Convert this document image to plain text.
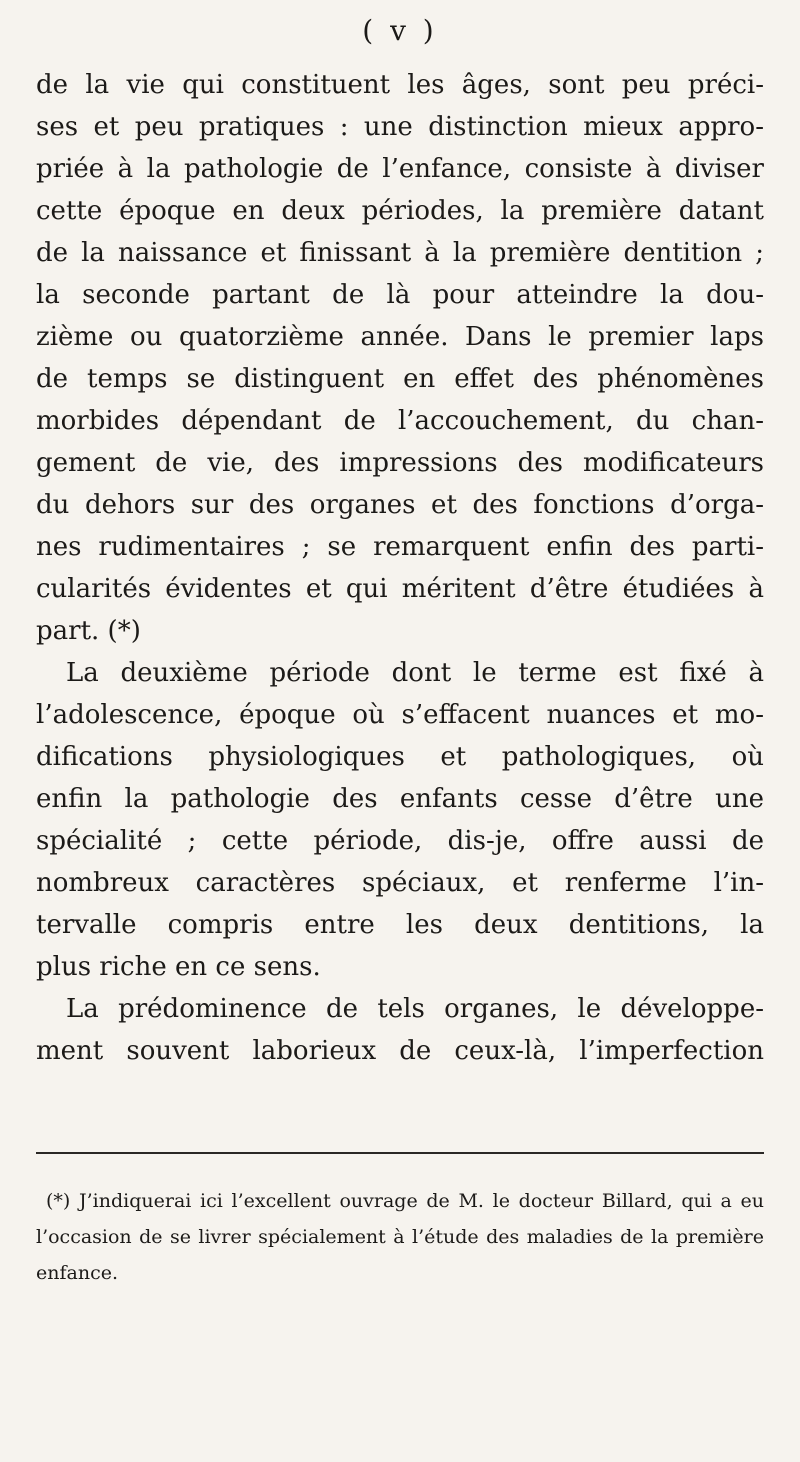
( v )
de la vie qui constituent les âges, sont peu préci-
ses et peu pratiques : une distinction mieux appro-
priée à la pathologie de l’enfance, consiste à diviser
cette époque en deux périodes, la première datant
de la naissance et finissant à la première dentition ;
la seconde partant de là pour atteindre la dou-
zième ou quatorzième année. Dans le premier laps
de temps se distinguent en effet des phénomènes
morbides dépendant de l’accouchement, du chan-
gement de vie, des impressions des modificateurs
du dehors sur des organes et des fonctions d’orga-
nes rudimentaires ; se remarquent enfin des parti-
cularités évidentes et qui méritent d’être étudiées à
part. (*)
La deuxième période dont le terme est fixé à
l’adolescence, époque où s’effacent nuances et mo-
difications physiologiques et pathologiques, où
enfin la pathologie des enfants cesse d’être une
spécialité ; cette période, dis-je, offre aussi de
nombreux caractères spéciaux, et renferme l’in-
tervalle compris entre les deux dentitions, la
plus riche en ce sens.
La prédominence de tels organes, le développe-
ment souvent laborieux de ceux-là, l’imperfection
(*) J’indiquerai ici l’excellent ouvrage de M. le docteur Billard, qui a eu
l’occasion de se livrer spécialement à l’étude des maladies de la première
enfance.
